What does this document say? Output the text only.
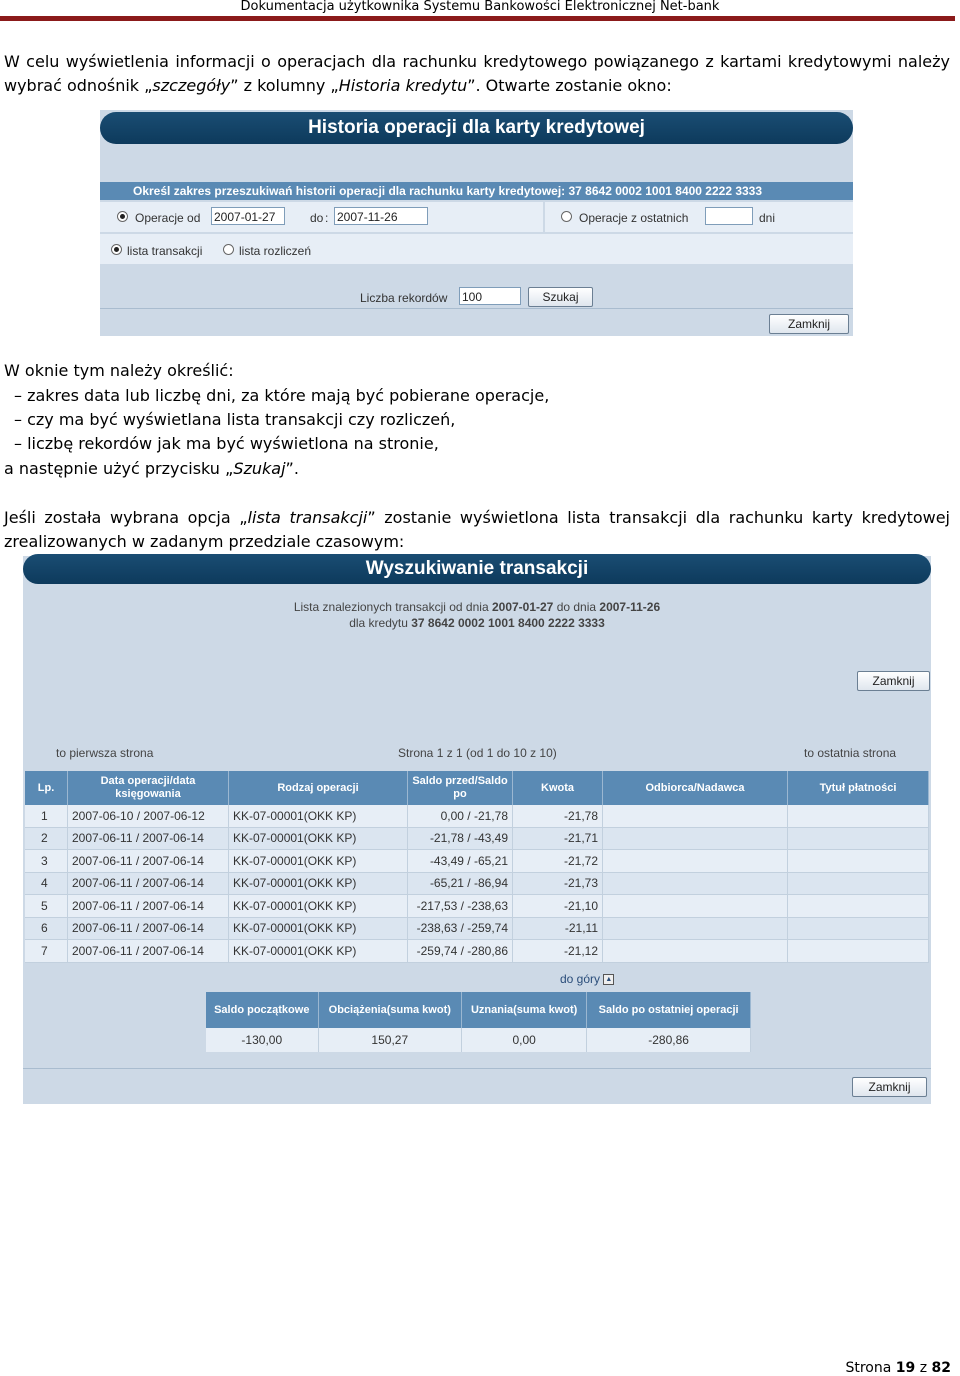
Dokumentacja użytkownika Systemu Bankowości Elektronicznej Net-bank
W celu wyświetlenia informacji o operacjach dla rachunku kredytowego powiązanego z kartami kredytowymi należy
wybrać odnośnik „szczegóły” z kolumny „Historia kredytu”. Otwarte zostanie okno:
Historia operacji dla karty kredytowej
Określ zakres przeszukiwań historii operacji dla rachunku karty kredytowej: 37 8642 0002 1001 8400 2222 3333
Operacje od 2007-01-27	do : 2007-11-26	Operacje z ostatnich	dni
lista transakcji	lista rozliczeń
Liczba rekordów 100	Szukaj
Zamknij
W oknie tym należy określić:
– zakres data lub liczbę dni, za które mają być pobierane operacje,
– czy ma być wyświetlana lista transakcji czy rozliczeń,
– liczbę rekordów jak ma być wyświetlona na stronie,
a następnie użyć przycisku „Szukaj”.
Jeśli została wybrana opcja „lista transakcji” zostanie wyświetlona lista transakcji dla rachunku karty kredytowej
zrealizowanych w zadanym przedziale czasowym:
Wyszukiwanie transakcji
Lista znalezionych transakcji od dnia 2007-01-27 do dnia 2007-11-26
dla kredytu 37 8642 0002 1001 8400 2222 3333
Zamknij
to pierwsza strona	Strona 1 z 1 (od 1 do 10 z 10)	to ostatnia strona
Lp.	Data operacji/data księgowania	Rodzaj operacji	Saldo przed/Saldo po	Kwota	Odbiorca/Nadawca	Tytuł płatności
1	2007-06-10 / 2007-06-12	KK-07-00001(OKK KP)	0,00 / -21,78	-21,78		
2	2007-06-11 / 2007-06-14	KK-07-00001(OKK KP)	-21,78 / -43,49	-21,71		
3	2007-06-11 / 2007-06-14	KK-07-00001(OKK KP)	-43,49 / -65,21	-21,72		
4	2007-06-11 / 2007-06-14	KK-07-00001(OKK KP)	-65,21 / -86,94	-21,73		
5	2007-06-11 / 2007-06-14	KK-07-00001(OKK KP)	-217,53 / -238,63	-21,10		
6	2007-06-11 / 2007-06-14	KK-07-00001(OKK KP)	-238,63 / -259,74	-21,11		
7	2007-06-11 / 2007-06-14	KK-07-00001(OKK KP)	-259,74 / -280,86	-21,12		
do góry ▲
Saldo początkowe	Obciążenia(suma kwot)	Uznania(suma kwot)	Saldo po ostatniej operacji
-130,00	150,27	0,00	-280,86
Zamknij
Strona 19 z 82
